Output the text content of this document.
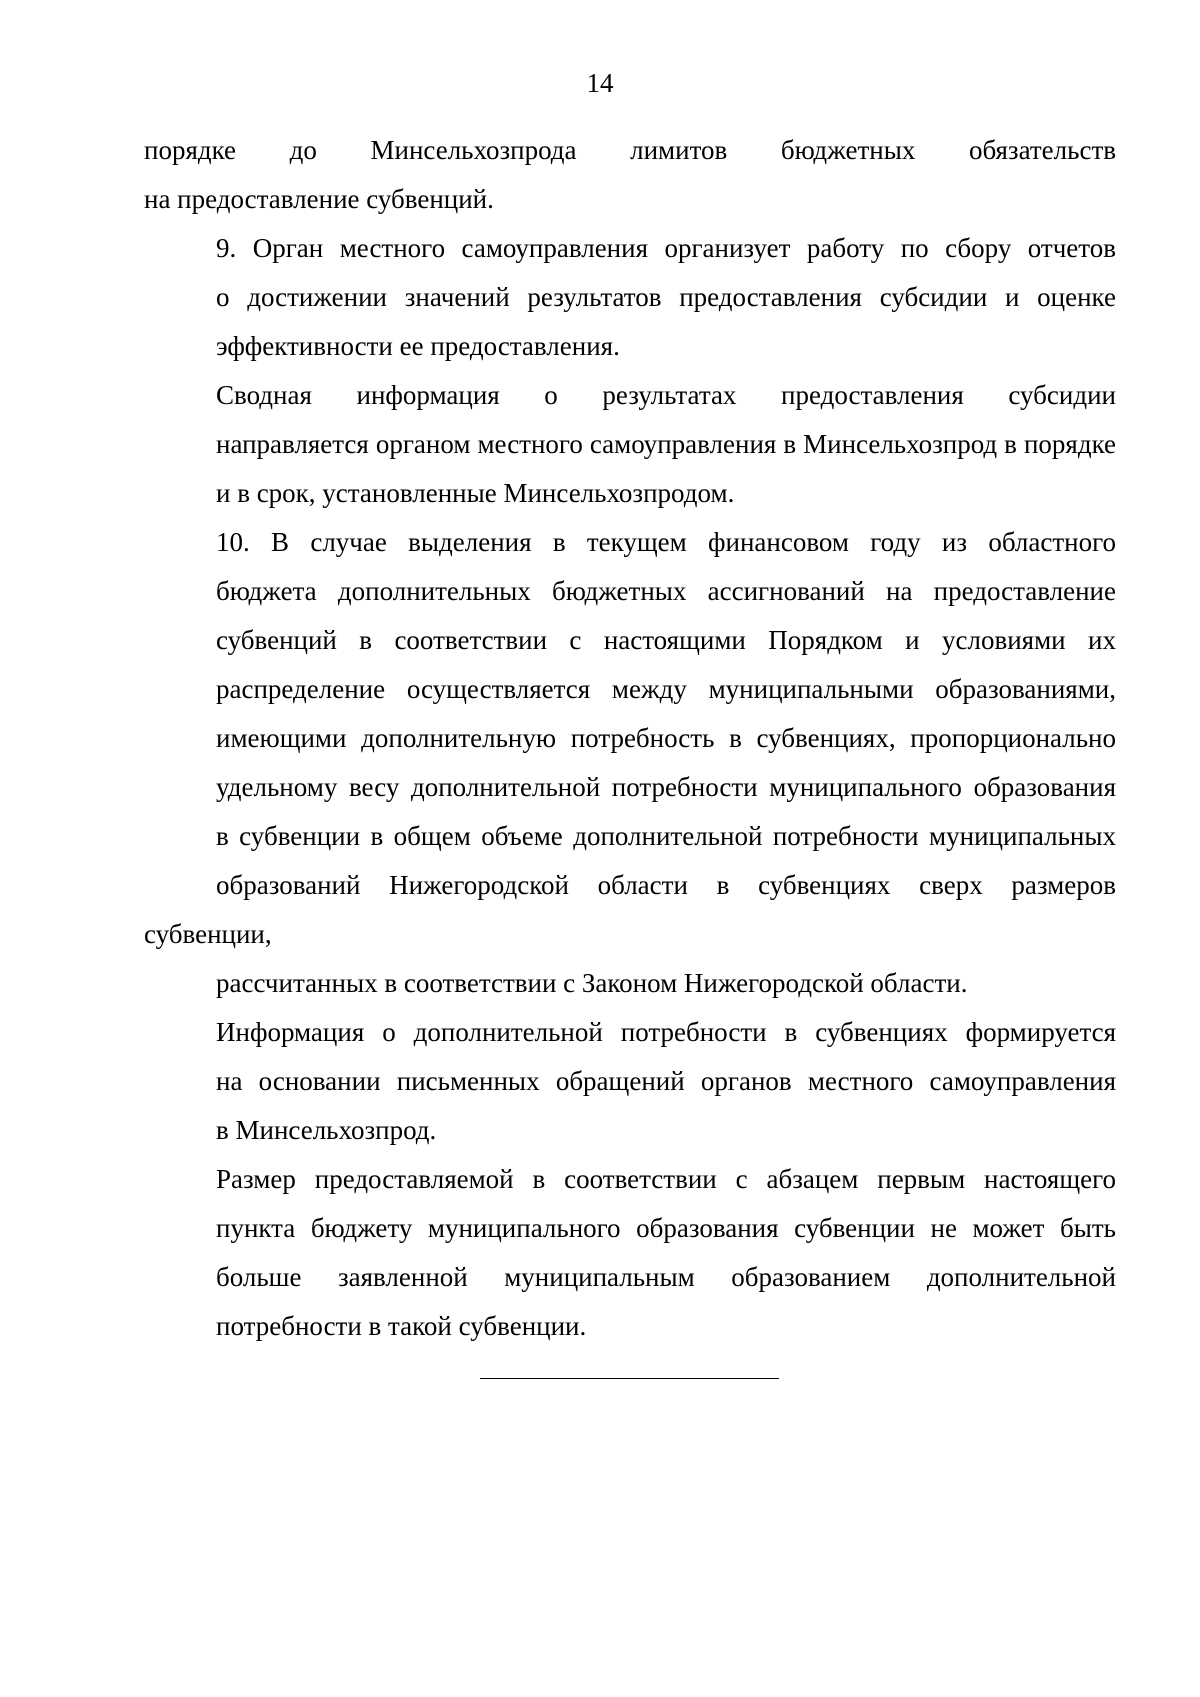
14

порядке до Минсельхозпрода лимитов бюджетных обязательств
на предоставление субвенций.

9. Орган местного самоуправления организует работу по сбору отчетов
о достижении значений результатов предоставления субсидии и оценке
эффективности ее предоставления.

Сводная информация о результатах предоставления субсидии
направляется органом местного самоуправления в Минсельхозпрод в порядке
и в срок, установленные Минсельхозпродом.

10. В случае выделения в текущем финансовом году из областного
бюджета дополнительных бюджетных ассигнований на предоставление
субвенций в соответствии с настоящими Порядком и условиями их
распределение осуществляется между муниципальными образованиями,
имеющими дополнительную потребность в субвенциях, пропорционально
удельному весу дополнительной потребности муниципального образования
в субвенции в общем объеме дополнительной потребности муниципальных
образований Нижегородской области в субвенциях сверх размеров субвенции,
рассчитанных в соответствии с Законом Нижегородской области.

Информация о дополнительной потребности в субвенциях формируется
на основании письменных обращений органов местного самоуправления
в Минсельхозпрод.

Размер предоставляемой в соответствии с абзацем первым настоящего
пункта бюджету муниципального образования субвенции не может быть
больше заявленной муниципальным образованием дополнительной
потребности в такой субвенции.
